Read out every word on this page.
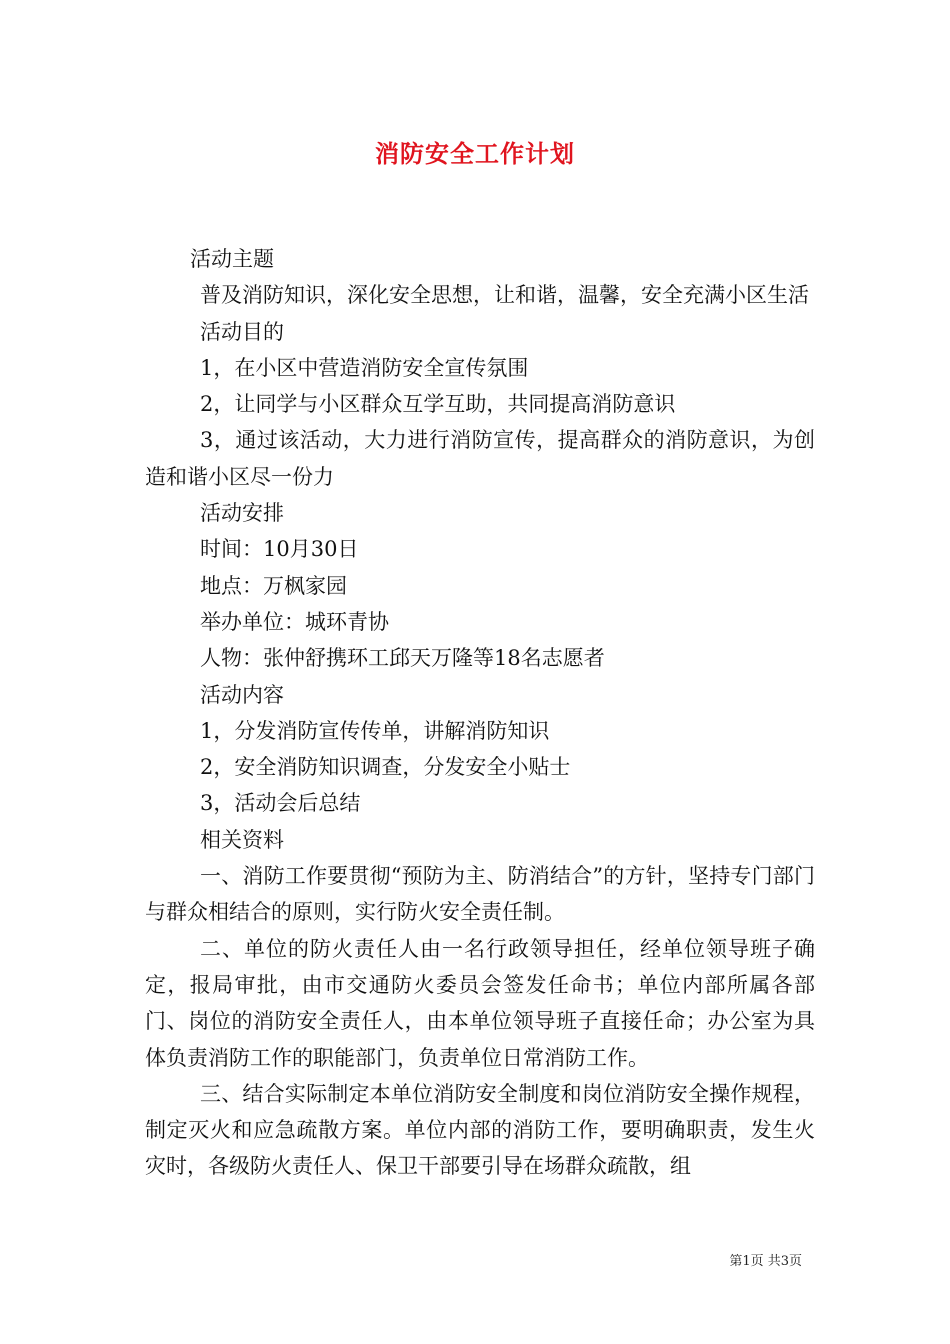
消防安全工作计划

活动主题

普及消防知识，深化安全思想，让和谐，温馨，安全充满小区生活

活动目的

1，在小区中营造消防安全宣传氛围

2，让同学与小区群众互学互助，共同提高消防意识

3，通过该活动，大力进行消防宣传，提高群众的消防意识，为创造和谐小区尽一份力

活动安排

时间：10月30日

地点：万枫家园

举办单位：城环青协

人物：张仲舒携环工邱天万隆等18名志愿者

活动内容

1，分发消防宣传传单，讲解消防知识

2，安全消防知识调查，分发安全小贴士

3，活动会后总结

相关资料

一、消防工作要贯彻“预防为主、防消结合”的方针，坚持专门部门与群众相结合的原则，实行防火安全责任制。

二、单位的防火责任人由一名行政领导担任，经单位领导班子确定，报局审批，由市交通防火委员会签发任命书；单位内部所属各部门、岗位的消防安全责任人，由本单位领导班子直接任命；办公室为具体负责消防工作的职能部门，负责单位日常消防工作。

三、结合实际制定本单位消防安全制度和岗位消防安全操作规程，制定灭火和应急疏散方案。单位内部的消防工作，要明确职责，发生火灾时，各级防火责任人、保卫干部要引导在场群众疏散，组

第1页 共3页
